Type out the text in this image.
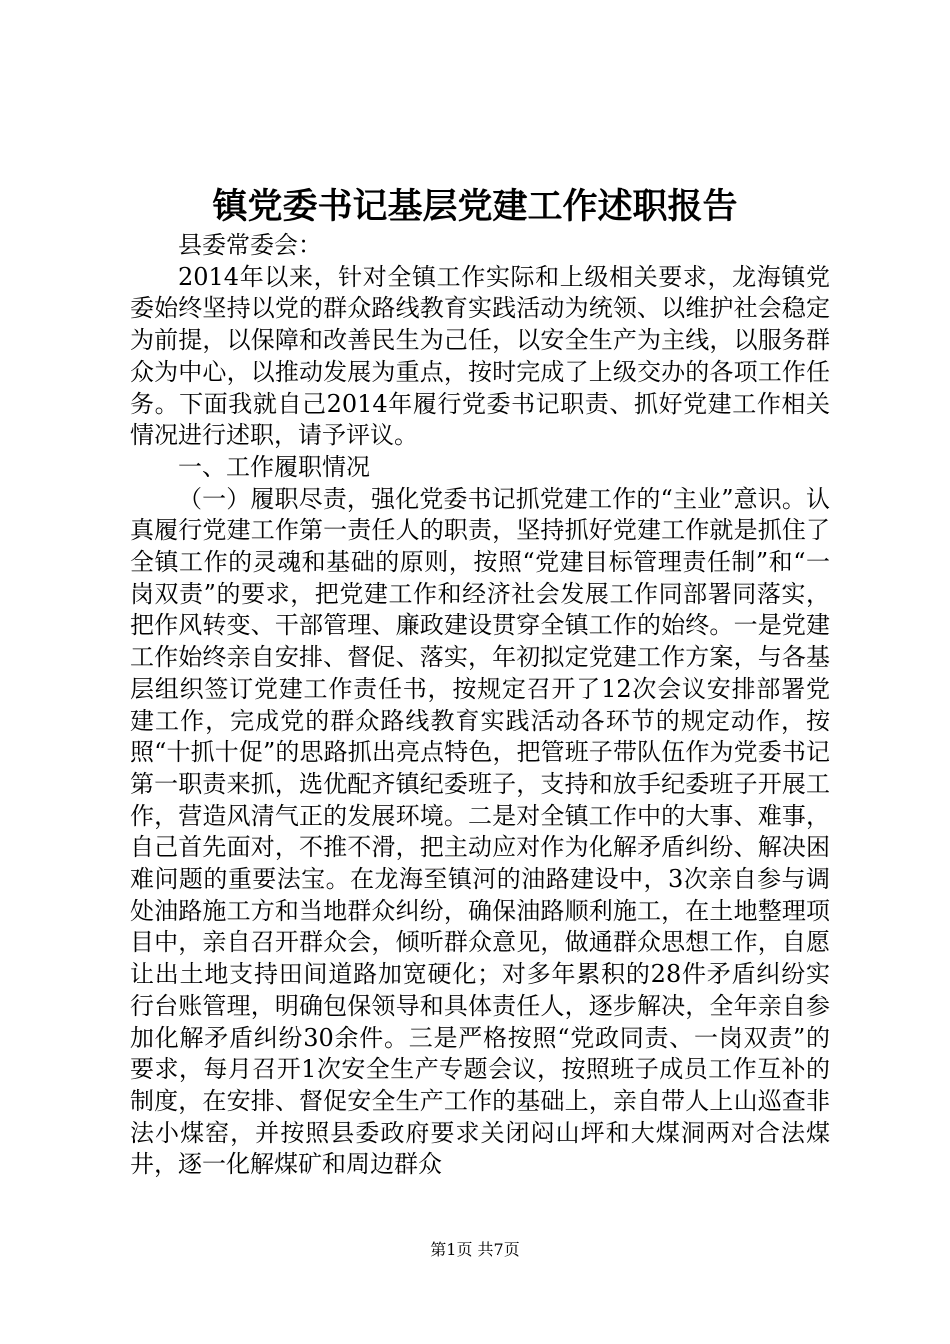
镇党委书记基层党建工作述职报告

县委常委会：

2014年以来，针对全镇工作实际和上级相关要求，龙海镇党委始终坚持以党的群众路线教育实践活动为统领、以维护社会稳定为前提，以保障和改善民生为己任，以安全生产为主线，以服务群众为中心，以推动发展为重点，按时完成了上级交办的各项工作任务。下面我就自己2014年履行党委书记职责、抓好党建工作相关情况进行述职，请予评议。

一、工作履职情况

（一）履职尽责，强化党委书记抓党建工作的“主业”意识。认真履行党建工作第一责任人的职责，坚持抓好党建工作就是抓住了全镇工作的灵魂和基础的原则，按照“党建目标管理责任制”和“一岗双责”的要求，把党建工作和经济社会发展工作同部署同落实，把作风转变、干部管理、廉政建设贯穿全镇工作的始终。一是党建工作始终亲自安排、督促、落实，年初拟定党建工作方案，与各基层组织签订党建工作责任书，按规定召开了12次会议安排部署党建工作，完成党的群众路线教育实践活动各环节的规定动作，按照“十抓十促”的思路抓出亮点特色，把管班子带队伍作为党委书记第一职责来抓，选优配齐镇纪委班子，支持和放手纪委班子开展工作，营造风清气正的发展环境。二是对全镇工作中的大事、难事，自己首先面对，不推不滑，把主动应对作为化解矛盾纠纷、解决困难问题的重要法宝。在龙海至镇河的油路建设中，3次亲自参与调处油路施工方和当地群众纠纷，确保油路顺利施工，在土地整理项目中，亲自召开群众会，倾听群众意见，做通群众思想工作，自愿让出土地支持田间道路加宽硬化；对多年累积的28件矛盾纠纷实行台账管理，明确包保领导和具体责任人，逐步解决，全年亲自参加化解矛盾纠纷30余件。三是严格按照“党政同责、一岗双责”的要求，每月召开1次安全生产专题会议，按照班子成员工作互补的制度，在安排、督促安全生产工作的基础上，亲自带人上山巡查非法小煤窑，并按照县委政府要求关闭闷山坪和大煤洞两对合法煤井，逐一化解煤矿和周边群众

第1页 共7页
